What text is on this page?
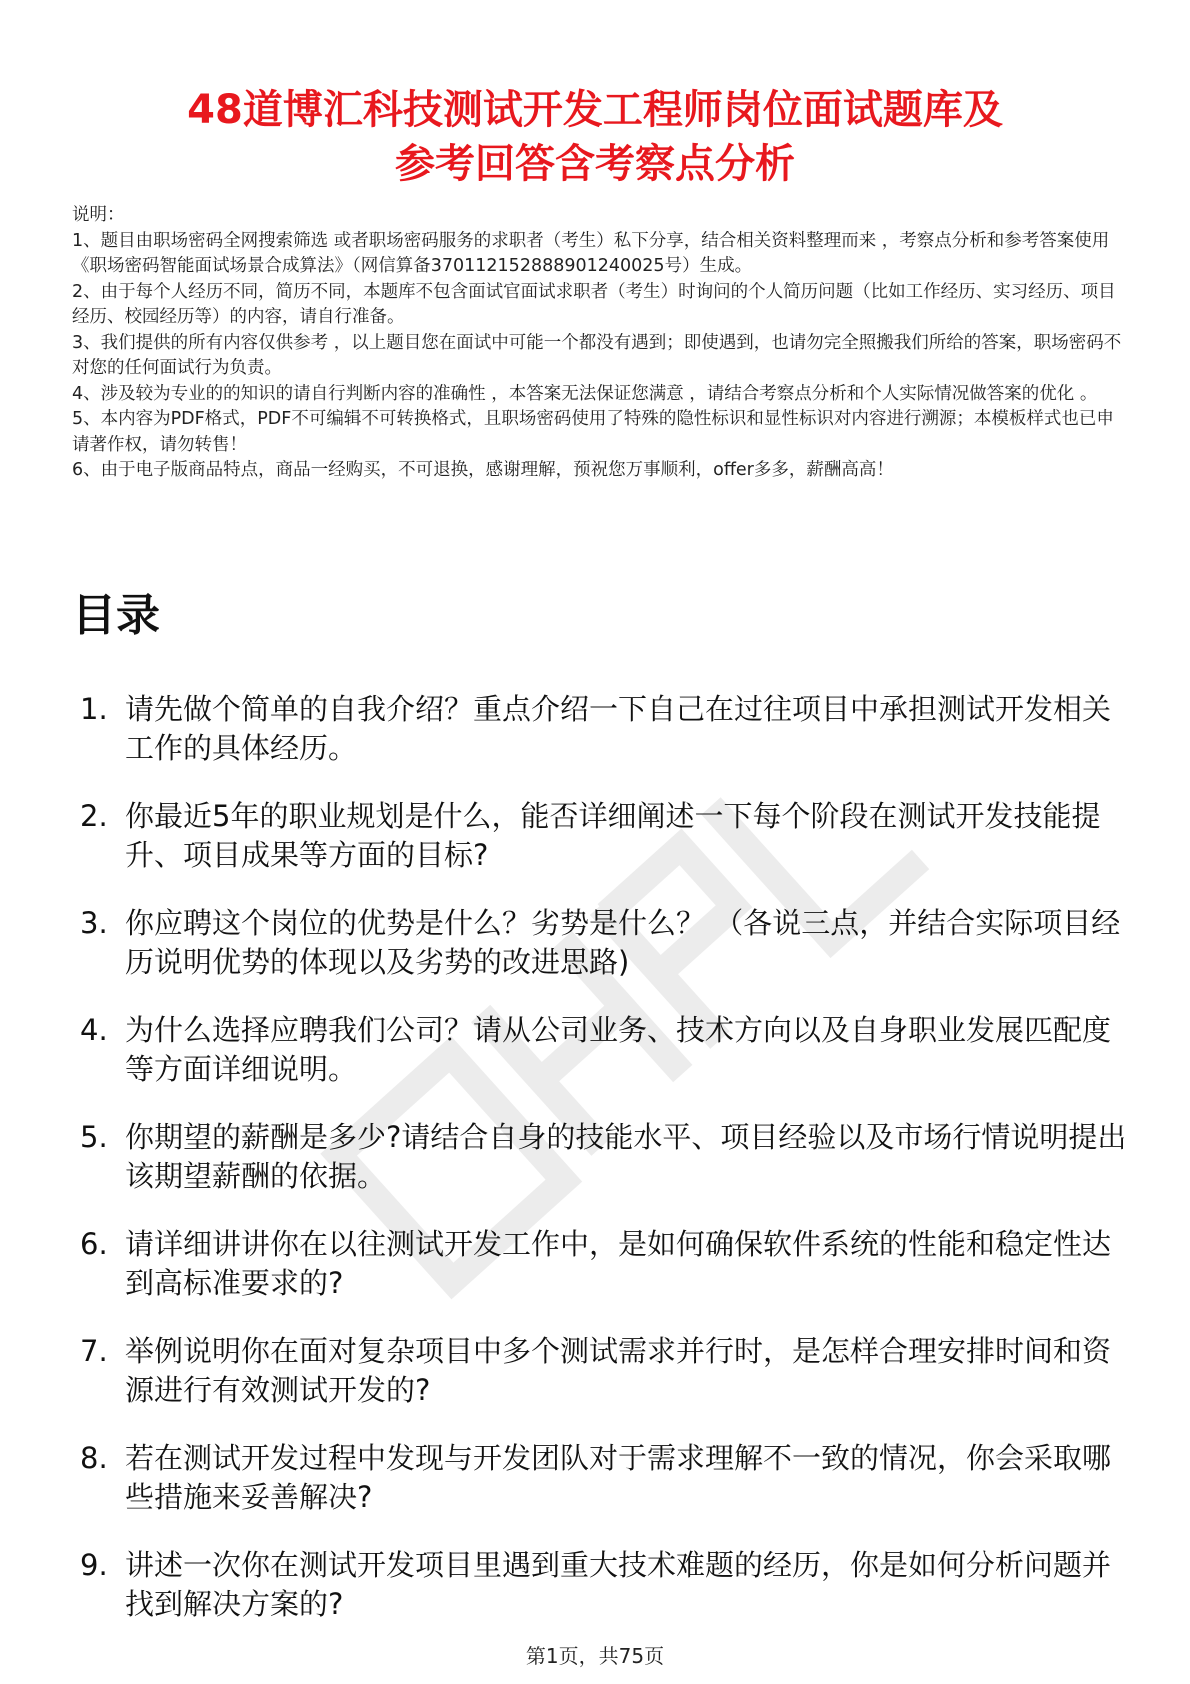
48道博汇科技测试开发工程师岗位面试题库及
参考回答含考察点分析

说明：

1、题目由职场密码全网搜索筛选 或者职场密码服务的求职者（考生）私下分享，结合相关资料整理而来 ，考察点分析和参考答案使用《职场密码智能面试场景合成算法》（网信算备370112152888901240025号）生成。

2、由于每个人经历不同，简历不同，本题库不包含面试官面试求职者（考生）时询问的个人简历问题（比如工作经历、实习经历、项目经历、校园经历等）的内容，请自行准备。

3、我们提供的所有内容仅供参考 ，以上题目您在面试中可能一个都没有遇到；即使遇到，也请勿完全照搬我们所给的答案，职场密码不对您的任何面试行为负责。

4、涉及较为专业的的知识的请自行判断内容的准确性 ，本答案无法保证您满意 ，请结合考察点分析和个人实际情况做答案的优化 。

5、本内容为PDF格式，PDF不可编辑不可转换格式，且职场密码使用了特殊的隐性标识和显性标识对内容进行溯源；本模板样式也已申请著作权，请勿转售！

6、由于电子版商品特点，商品一经购买，不可退换，感谢理解，预祝您万事顺利，offer多多，薪酬高高！

目录
1. 请先做个简单的自我介绍？重点介绍一下自己在过往项目中承担测试开发相关工作的具体经历。
2. 你最近5年的职业规划是什么，能否详细阐述一下每个阶段在测试开发技能提升、项目成果等方面的目标?
3. 你应聘这个岗位的优势是什么？劣势是什么？ （各说三点，并结合实际项目经历说明优势的体现以及劣势的改进思路)
4. 为什么选择应聘我们公司？请从公司业务、技术方向以及自身职业发展匹配度等方面详细说明。
5. 你期望的薪酬是多少?请结合自身的技能水平、项目经验以及市场行情说明提出该期望薪酬的依据。
6. 请详细讲讲你在以往测试开发工作中，是如何确保软件系统的性能和稳定性达到高标准要求的?
7. 举例说明你在面对复杂项目中多个测试需求并行时，是怎样合理安排时间和资源进行有效测试开发的?
8. 若在测试开发过程中发现与开发团队对于需求理解不一致的情况，你会采取哪些措施来妥善解决?
9. 讲述一次你在测试开发项目里遇到重大技术难题的经历，你是如何分析问题并找到解决方案的?
第1页，共75页
